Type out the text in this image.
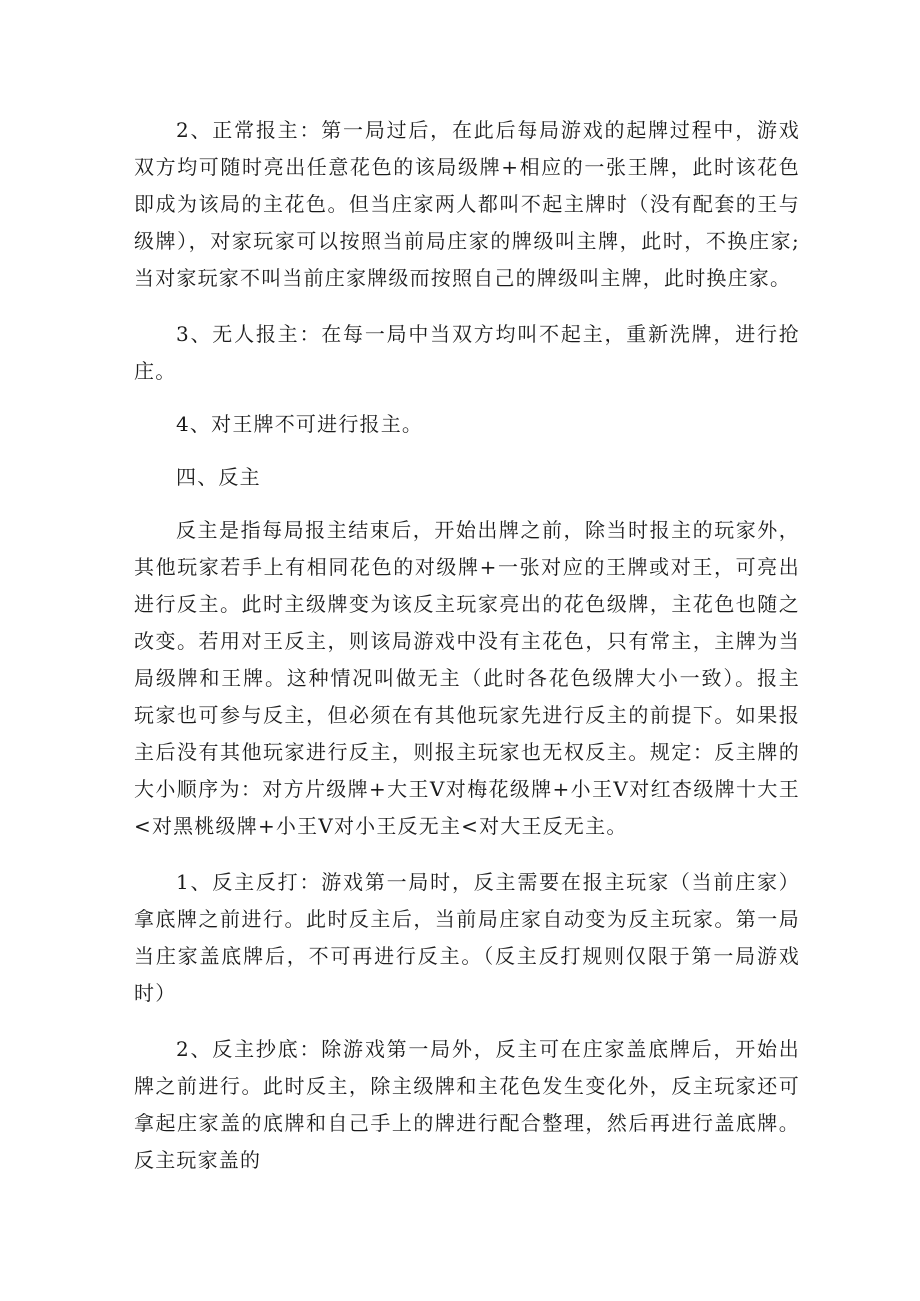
2、正常报主：第一局过后，在此后每局游戏的起牌过程中，游戏双方均可随时亮出任意花色的该局级牌+相应的一张王牌，此时该花色即成为该局的主花色。但当庄家两人都叫不起主牌时（没有配套的王与级牌），对家玩家可以按照当前局庄家的牌级叫主牌，此时，不换庄家;当对家玩家不叫当前庄家牌级而按照自己的牌级叫主牌，此时换庄家。

3、无人报主：在每一局中当双方均叫不起主，重新洗牌，进行抢庄。

4、对王牌不可进行报主。

四、反主

反主是指每局报主结束后，开始出牌之前，除当时报主的玩家外，其他玩家若手上有相同花色的对级牌+一张对应的王牌或对王，可亮出进行反主。此时主级牌变为该反主玩家亮出的花色级牌，主花色也随之改变。若用对王反主，则该局游戏中没有主花色，只有常主，主牌为当局级牌和王牌。这种情况叫做无主（此时各花色级牌大小一致）。报主玩家也可参与反主，但必须在有其他玩家先进行反主的前提下。如果报主后没有其他玩家进行反主，则报主玩家也无权反主。规定：反主牌的大小顺序为：对方片级牌+大王V对梅花级牌+小王V对红杏级牌十大王<对黑桃级牌+小王V对小王反无主<对大王反无主。

1、反主反打：游戏第一局时，反主需要在报主玩家（当前庄家）拿底牌之前进行。此时反主后，当前局庄家自动变为反主玩家。第一局当庄家盖底牌后，不可再进行反主。（反主反打规则仅限于第一局游戏时）

2、反主抄底：除游戏第一局外，反主可在庄家盖底牌后，开始出牌之前进行。此时反主，除主级牌和主花色发生变化外，反主玩家还可拿起庄家盖的底牌和自己手上的牌进行配合整理，然后再进行盖底牌。反主玩家盖的
